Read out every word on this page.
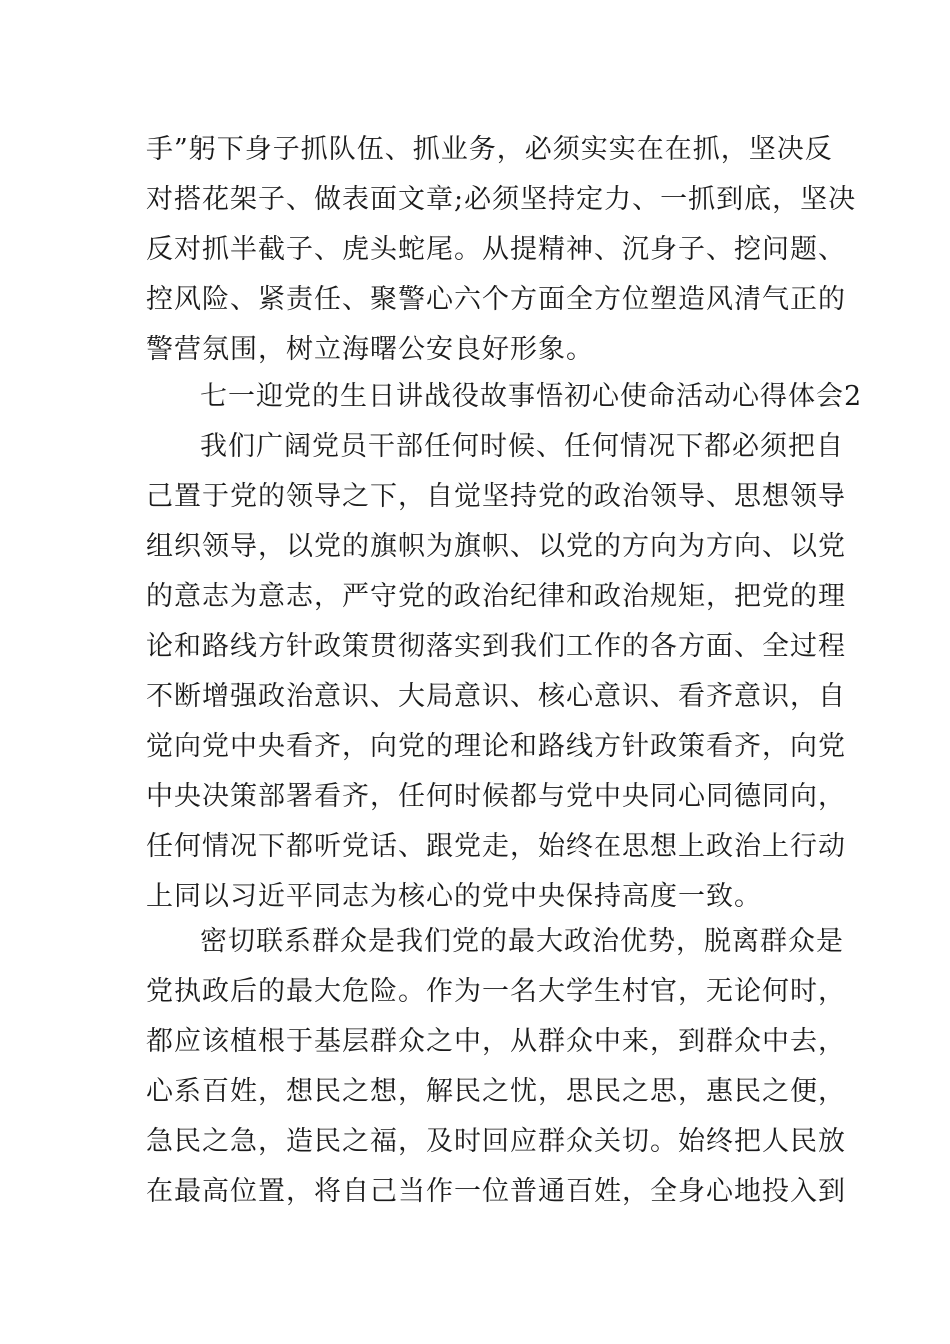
手”躬下身子抓队伍、抓业务，必须实实在在抓，坚决反
对搭花架子、做表面文章;必须坚持定力、一抓到底，坚决
反对抓半截子、虎头蛇尾。从提精神、沉身子、挖问题、
控风险、紧责任、聚警心六个方面全方位塑造风清气正的
警营氛围，树立海曙公安良好形象。
七一迎党的生日讲战役故事悟初心使命活动心得体会2
我们广阔党员干部任何时候、任何情况下都必须把自
己置于党的领导之下，自觉坚持党的政治领导、思想领导
组织领导，以党的旗帜为旗帜、以党的方向为方向、以党
的意志为意志，严守党的政治纪律和政治规矩，把党的理
论和路线方针政策贯彻落实到我们工作的各方面、全过程
不断增强政治意识、大局意识、核心意识、看齐意识，自
觉向党中央看齐，向党的理论和路线方针政策看齐，向党
中央决策部署看齐，任何时候都与党中央同心同德同向，
任何情况下都听党话、跟党走，始终在思想上政治上行动
上同以习近平同志为核心的党中央保持高度一致。
密切联系群众是我们党的最大政治优势，脱离群众是
党执政后的最大危险。作为一名大学生村官，无论何时，
都应该植根于基层群众之中，从群众中来，到群众中去，
心系百姓，想民之想，解民之忧，思民之思，惠民之便，
急民之急，造民之福，及时回应群众关切。始终把人民放
在最高位置，将自己当作一位普通百姓，全身心地投入到
